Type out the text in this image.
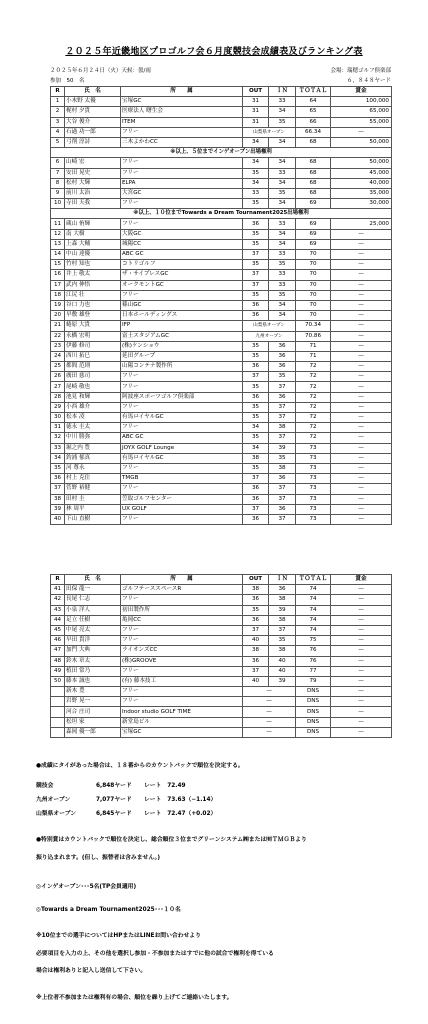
２０２５年近畿地区プロゴルフ会６月度競技会成績表及びランキング表
２０２５年６月２４日（火）天候：曇/雨	会場：瑞穂ゴルフ倶楽部
参加　50　名	６，８４８ヤード
R	氏　名	所　　属	OUT	ＩＮ	ＴＯＴＡＬ	賞金
1	小木野 太優	宝塚GC	31	33	64	100,000
2	梶村 夕貴	医療法人 曙生会	31	34	65	65,000
3	大谷 俊介	ITEM	31	35	66	55,000
4	石過 功一郎	フリー	山梨県オープン		66.34	—
5	弓削 淳詩	三木よかわCC	34	34	68	50,000
※以上、５位までインゲオープン出場権利						
6	山崎 宏	フリー	34	34	68	50,000
7	安田 晃史	フリー	35	33	68	45,000
8	松村 大輝	ELPA	34	34	68	40,000
9	前川 太治	大宮GC	33	35	68	35,000
10	寺田 天我	フリー	35	34	69	30,000
※以上、１０位までTowards a Dream Tournament2025出場権利						
11	蔵山 侑輝	フリー	36	33	69	25,000
12	南 大樹	大阪GC	35	34	69	—
13	上森 大輔	城陽CC	35	34	69	—
14	中山 達優	ABC GC	37	33	70	—
15	竹村 知也	コトリゴルフ	35	35	70	—
16	井上 敬太	ザ・サイプレスGC	37	33	70	—
17	武内 伸悟	オークモントGC	37	33	70	—
18	江尻 壮	フリー	35	35	70	—
19	谷口 力也	篠山GC	36	34	70	—
20	早敷 雄登	日本ホールディングス	36	34	70	—
21	蜷原 大貴	IFP	山梨県オープン		70.34	—
22	永橋 宏明	富士スタジアムGC	九州オープン		70.86	—
23	伊藤 修司	(株)ケンショウ	35	36	71	—
24	西川 拓巳	延田グループ	35	36	71	—
25	都間 范則	山陽コンテナ製作所	36	36	72	—
26	廣田 慈司	フリー	37	35	72	—
27	尾崎 敬也	フリー	35	37	72	—
28	池見 和輝	阿波座スポーツゴルフ倶楽部	36	36	72	—
29	小西 雄介	フリー	35	37	72	—
30	松本 凌	有馬ロイヤルGC	35	37	72	—
31	徳永 圭太	フリー	34	38	72	—
32	中川 勝弥	ABC GC	35	37	72	—
33	堀之内 豊	JOYX GOLF Lounge	34	39	73	—
34	釣浦 郁真	有馬ロイヤルGC	38	35	73	—
35	河 尊永	フリー	35	38	73	—
36	村上 克住	TMGB	37	36	73	—
37	菅野 裕健	フリー	36	37	73	—
38	田村 圭	笠取ゴルフセンター	36	37	73	—
39	林 周平	UX GOLF	37	36	73	—
40	下山 直樹	フリー	36	37	73	—
R	氏　名	所　　属	OUT	ＩＮ	ＴＯＴＡＬ	賞金
41	田保 龍一	ゴルフテーススペースR	38	36	74	—
42	長尾 仁志	フリー	36	38	74	—
43	小泉 洋人	初田製作所	35	39	74	—
44	足立 任樹	亀岡CC	36	38	74	—
45	中尾 亮太	フリー	37	37	74	—
46	早田 貴洋	フリー	40	35	75	—
47	加門 大典	ライオンズCC	38	38	76	—
48	鈴木 章太	(株)GROOVE	36	40	76	—
49	植田 常乃	フリー	37	40	77	—
50	藤本 誠也	(有) 藤本技工	40	39	79	—
	新木 豊	フリー	—		DNS	—
	岩野 晃一	フリー	—		DNS	—
	河合 庄司	Indoor studio GOLF TIME	—		DNS	—
	松坦 家	新堂島ビル	—		DNS	—
	森岡 優一郎	宝塚GC	—		DNS	—

●成績にタイがあった場合は、１８番からのカウントバックで順位を決定する。

競技会	6,848ヤード レート　72.49
九州オープン	7,077ヤード レート　73.63（−1.14）
山梨県オープン	6,845ヤード レート　72.47（+0.02）

●特別賞はカウントバックで順位を決定し、総合順位３位までグリーンシステム㈱または㈲ＴＭＧＢより

振り込まれます。(但し、振替者は含みません。)

◎インゲオープン･･･5名(TP会員適用)

◎Towards a Dream Tournament2025･･･１０名

※10位までの選手についてはHPまたはLINEお問い合わせより

必要項目を入力の上、その他を選択し参加・不参加またはすでに他の試合で権利を得ている

場合は権利ありと記入し送信して下さい。

※上位者不参加または権利有の場合、順位を繰り上げてご連絡いたします。
